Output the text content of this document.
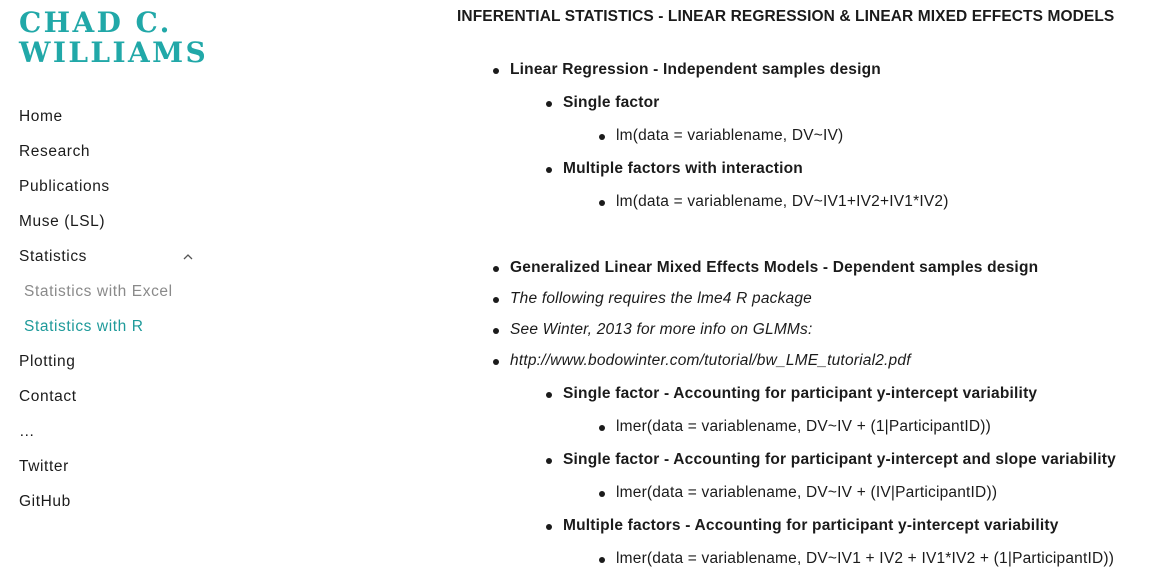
CHAD C.
WILLIAMS
Home
Research
Publications
Muse (LSL)
Statistics
Statistics with Excel
Statistics with R
Plotting
Contact
…
Twitter
GitHub
INFERENTIAL STATISTICS - LINEAR REGRESSION & LINEAR MIXED EFFECTS MODELS
Linear Regression - Independent samples design
Single factor
lm(data = variablename, DV~IV)
Multiple factors with interaction
lm(data = variablename, DV~IV1+IV2+IV1*IV2)
Generalized Linear Mixed Effects Models - Dependent samples design
The following requires the lme4 R package
See Winter, 2013 for more info on GLMMs:
http://www.bodowinter.com/tutorial/bw_LME_tutorial2.pdf
Single factor - Accounting for participant y-intercept variability
lmer(data = variablename, DV~IV + (1|ParticipantID))
Single factor - Accounting for participant y-intercept and slope variability
lmer(data = variablename, DV~IV + (IV|ParticipantID))
Multiple factors - Accounting for participant y-intercept variability
lmer(data = variablename, DV~IV1 + IV2 + IV1*IV2 + (1|ParticipantID))
